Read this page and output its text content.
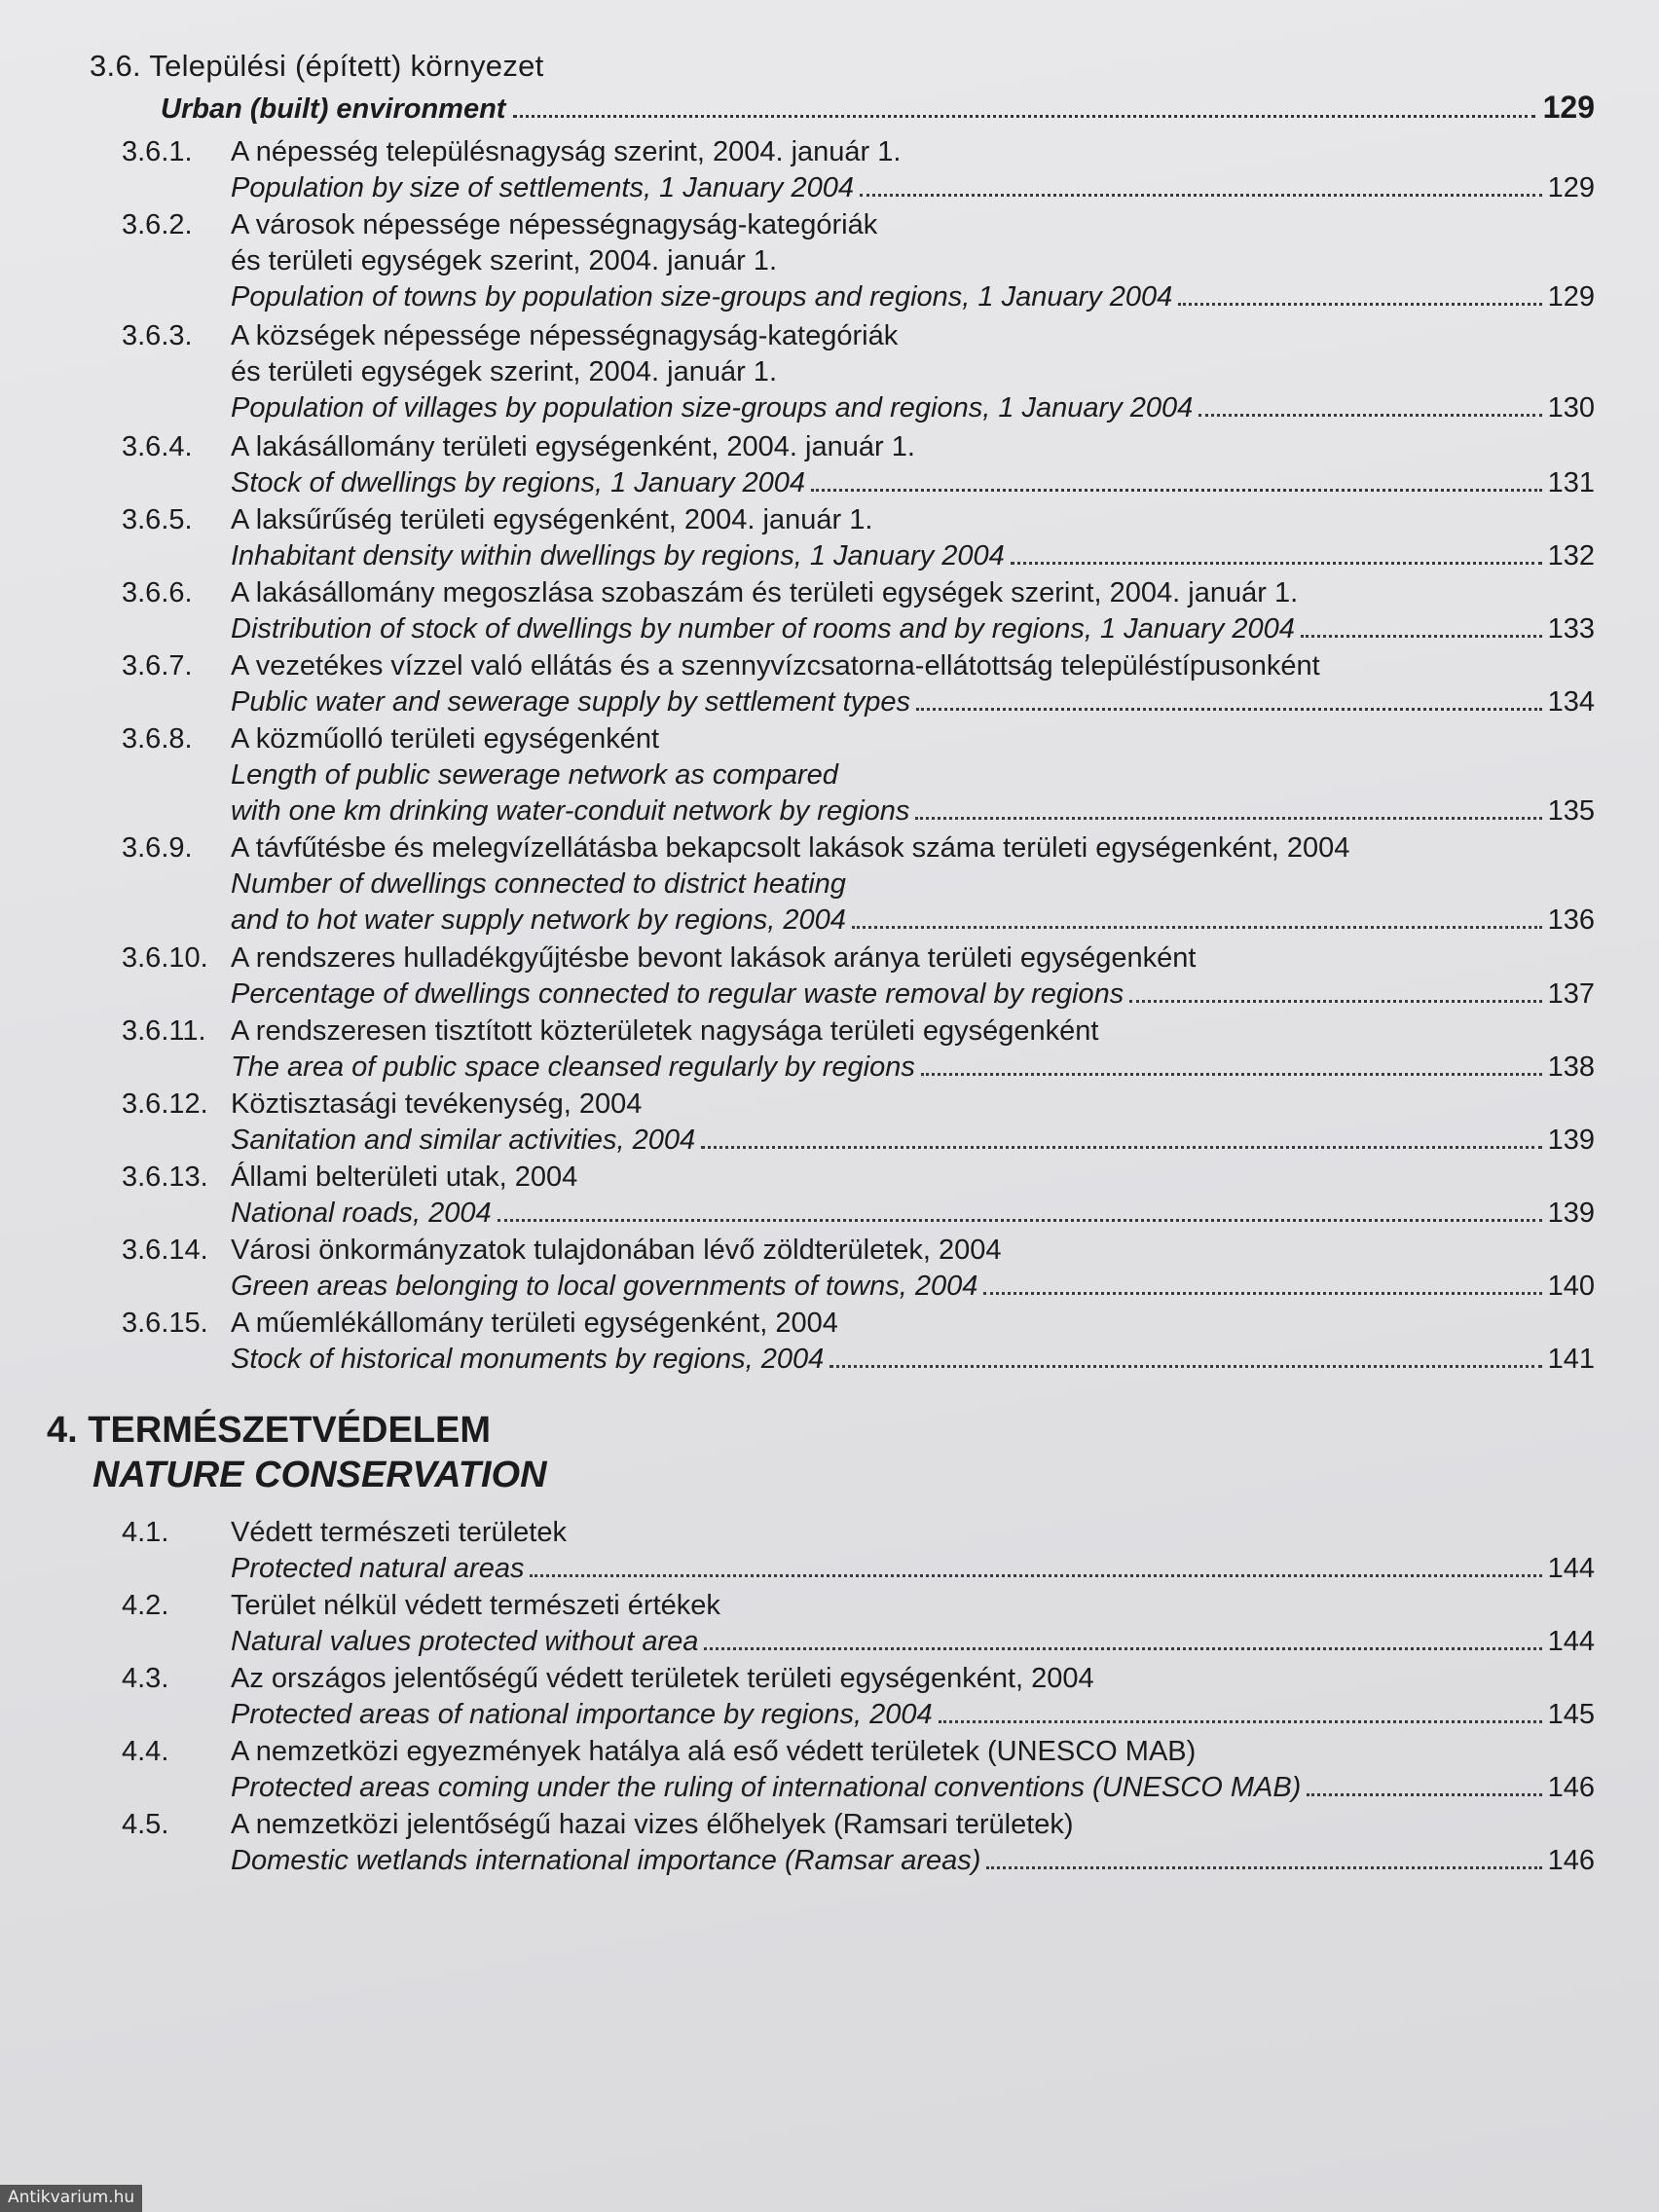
3.6. Települési (épített) környezet
Urban (built) environment	129
3.6.1. A népesség településnagyság szerint, 2004. január 1.
Population by size of settlements, 1 January 2004	129
3.6.2. A városok népessége népességnagyság-kategóriák
és területi egységek szerint, 2004. január 1.
Population of towns by population size-groups and regions, 1 January 2004	129
3.6.3. A községek népessége népességnagyság-kategóriák
és területi egységek szerint, 2004. január 1.
Population of villages by population size-groups and regions, 1 January 2004	130
3.6.4. A lakásállomány területi egységenként, 2004. január 1.
Stock of dwellings by regions, 1 January 2004	131
3.6.5. A laksűrűség területi egységenként, 2004. január 1.
Inhabitant density within dwellings by regions, 1 January 2004	132
3.6.6. A lakásállomány megoszlása szobaszám és területi egységek szerint, 2004. január 1.
Distribution of stock of dwellings by number of rooms and by regions, 1 January 2004	133
3.6.7. A vezetékes vízzel való ellátás és a szennyvízcsatorna-ellátottság településtípusonként
Public water and sewerage supply by settlement types	134
3.6.8. A közműolló területi egységenként
Length of public sewerage network as compared
with one km drinking water-conduit network by regions	135
3.6.9. A távfűtésbe és melegvízellátásba bekapcsolt lakások száma területi egységenként, 2004
Number of dwellings connected to district heating
and to hot water supply network by regions, 2004	136
3.6.10. A rendszeres hulladékgyűjtésbe bevont lakások aránya területi egységenként
Percentage of dwellings connected to regular waste removal by regions	137
3.6.11. A rendszeresen tisztított közterületek nagysága területi egységenként
The area of public space cleansed regularly by regions	138
3.6.12. Köztisztasági tevékenység, 2004
Sanitation and similar activities, 2004	139
3.6.13. Állami belterületi utak, 2004
National roads, 2004	139
3.6.14. Városi önkormányzatok tulajdonában lévő zöldterületek, 2004
Green areas belonging to local governments of towns, 2004	140
3.6.15. A műemlékállomány területi egységenként, 2004
Stock of historical monuments by regions, 2004	141
4. TERMÉSZETVÉDELEM
NATURE CONSERVATION
4.1. Védett természeti területek
Protected natural areas	144
4.2. Terület nélkül védett természeti értékek
Natural values protected without area	144
4.3. Az országos jelentőségű védett területek területi egységenként, 2004
Protected areas of national importance by regions, 2004	145
4.4. A nemzetközi egyezmények hatálya alá eső védett területek (UNESCO MAB)
Protected areas coming under the ruling of international conventions (UNESCO MAB)	146
4.5. A nemzetközi jelentőségű hazai vizes élőhelyek (Ramsari területek)
Domestic wetlands international importance (Ramsar areas)	146
Antikvarium.hu
